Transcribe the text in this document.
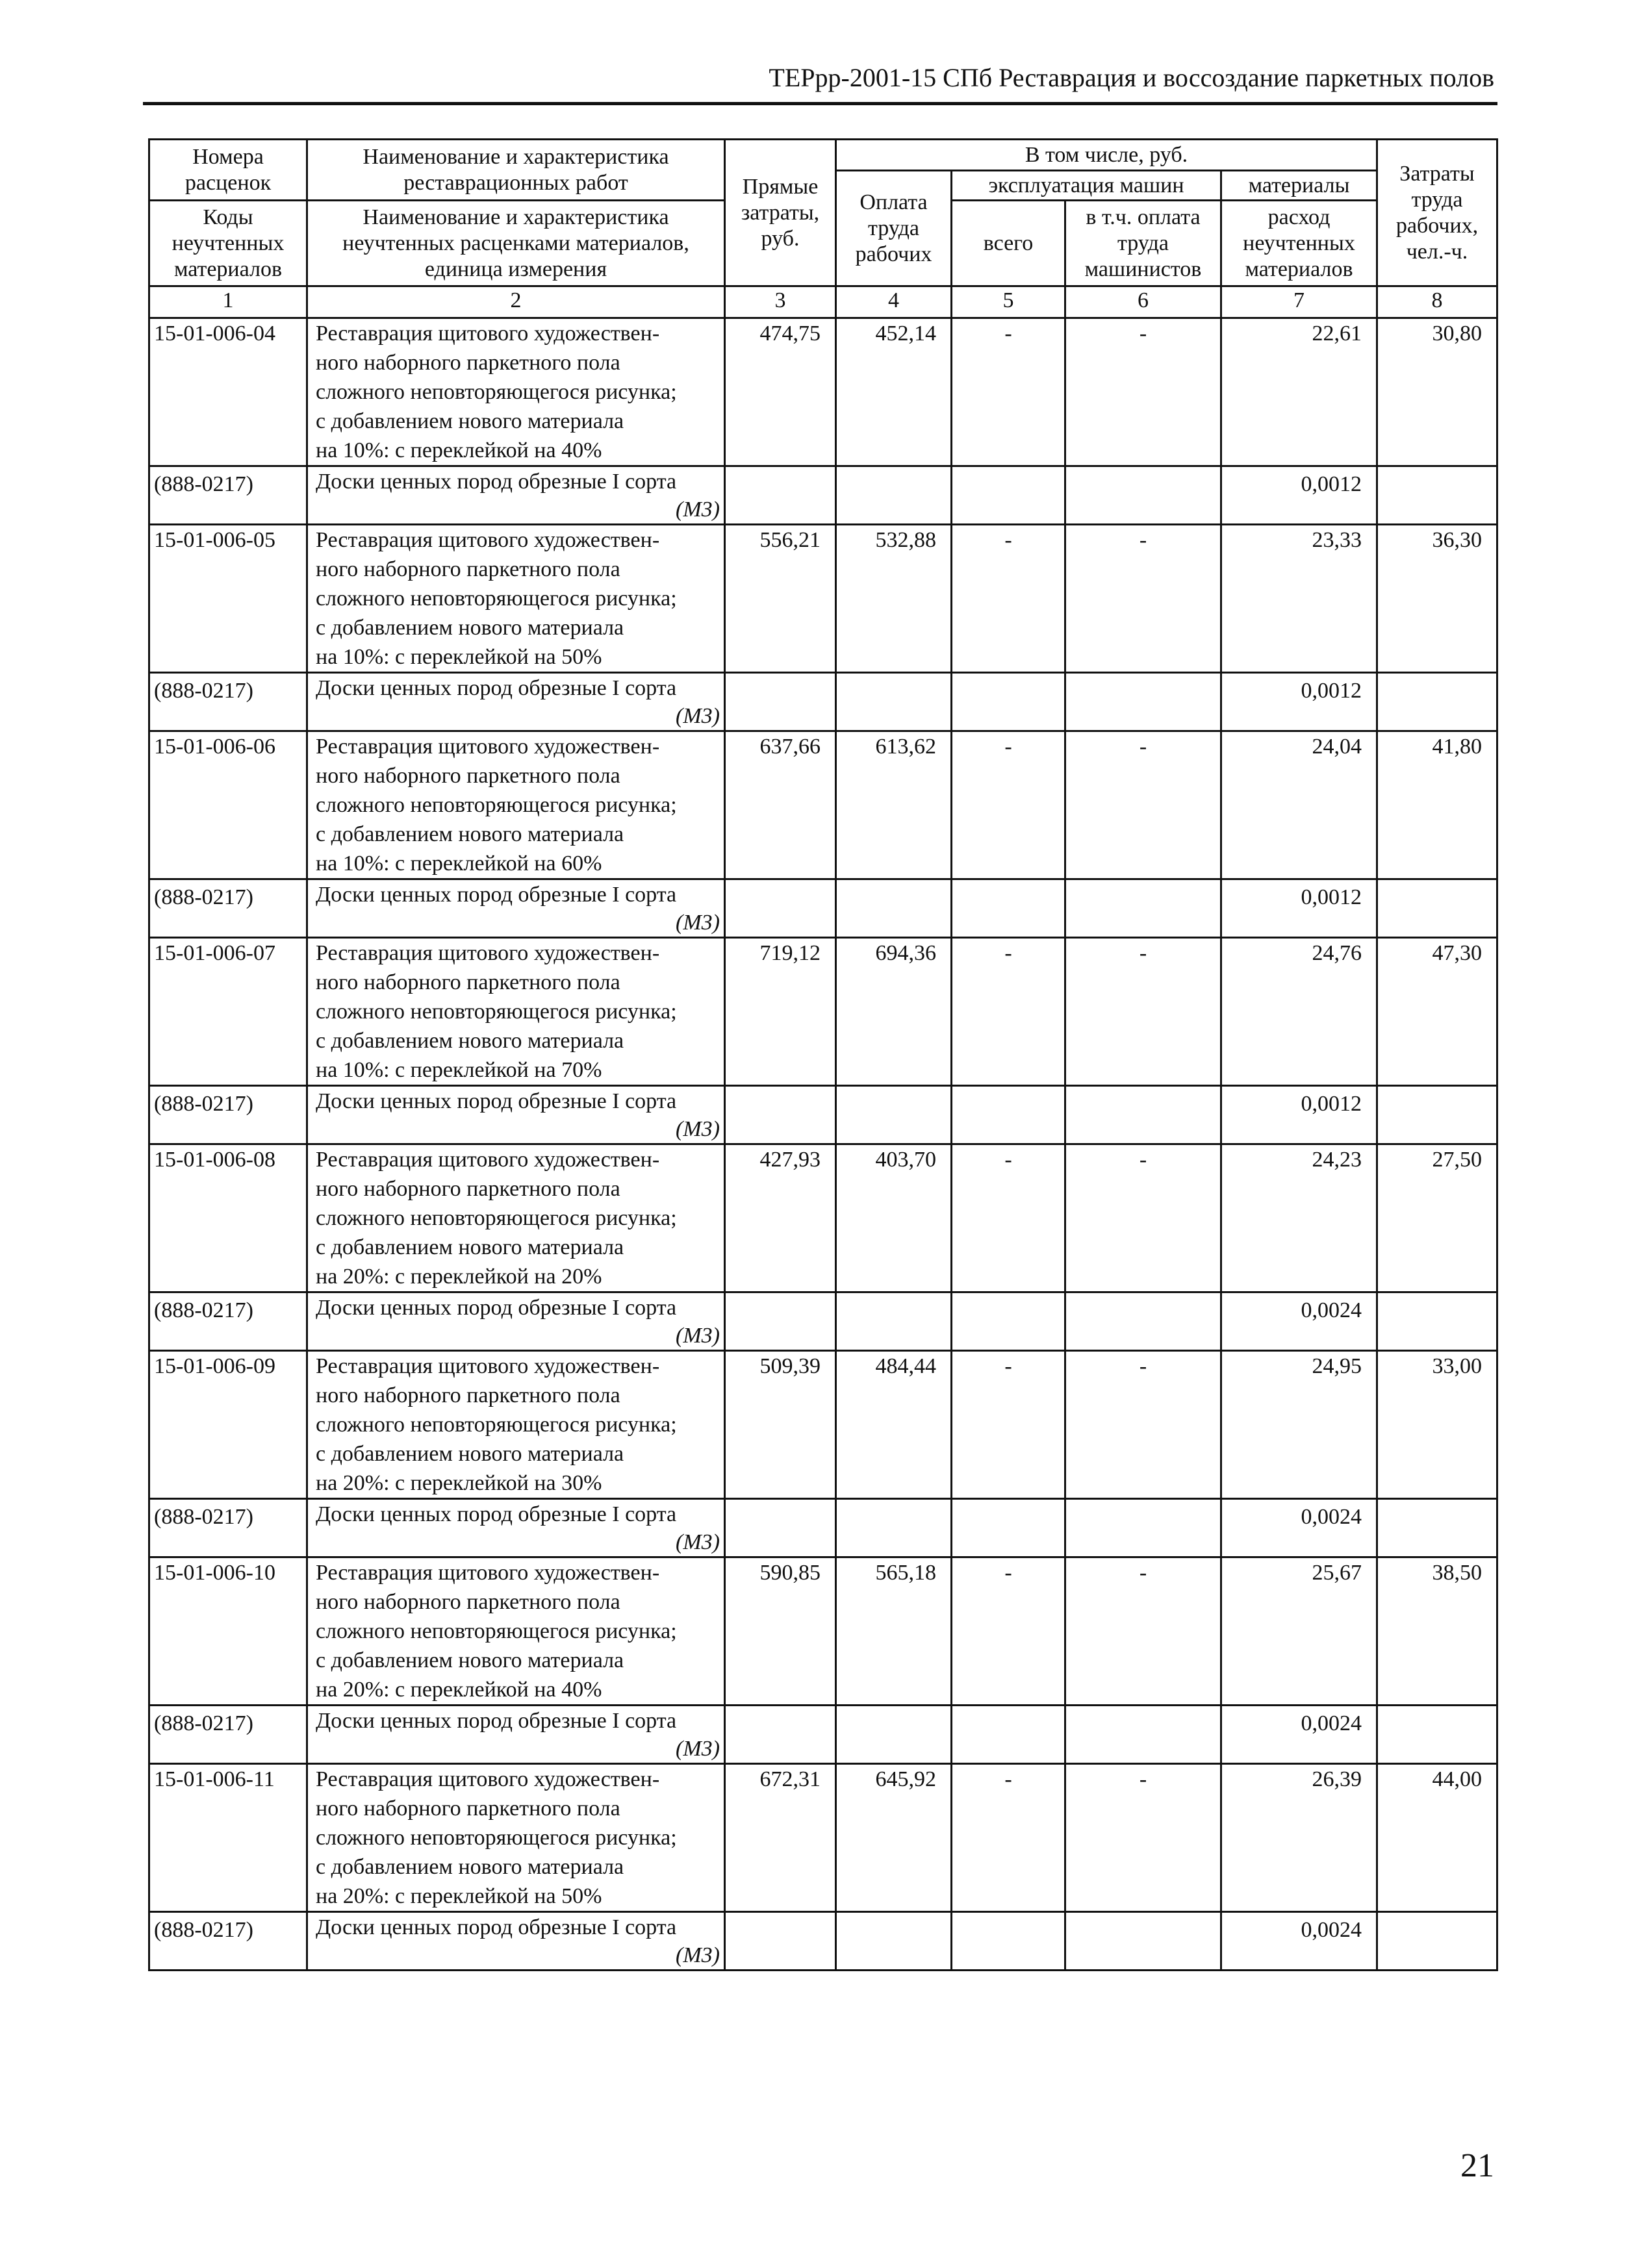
ТЕРрр-2001-15 СПб Реставрация и воссоздание паркетных полов
Номера расценок	Наименование и характеристика реставрационных работ	Прямые затраты, руб.	В том числе, руб.				Затраты труда рабочих, чел.-ч.
			Оплата труда рабочих	эксплуатация машин		материалы	
Коды неучтенных материалов	Наименование и характеристика неучтенных расценками материалов, единица измерения			всего	в т.ч. оплата труда машинистов	расход неучтенных материалов	

1	2	3	4	5	6	7	8
15-01-006-04	Реставрация щитового художествен-
ного наборного паркетного пола
сложного неповторяющегося рисунка;
с добавлением нового материала
на 10%: с переклейкой на 40%	474,75	452,14	-	-	22,61	30,80
(888-0217)	Доски ценных пород обрезные I сорта
(М3)					0,0012	
15-01-006-05	Реставрация щитового художествен-
ного наборного паркетного пола
сложного неповторяющегося рисунка;
с добавлением нового материала
на 10%: с переклейкой на 50%	556,21	532,88	-	-	23,33	36,30
(888-0217)	Доски ценных пород обрезные I сорта
(М3)					0,0012	
15-01-006-06	Реставрация щитового художествен-
ного наборного паркетного пола
сложного неповторяющегося рисунка;
с добавлением нового материала
на 10%: с переклейкой на 60%	637,66	613,62	-	-	24,04	41,80
(888-0217)	Доски ценных пород обрезные I сорта
(М3)					0,0012	
15-01-006-07	Реставрация щитового художествен-
ного наборного паркетного пола
сложного неповторяющегося рисунка;
с добавлением нового материала
на 10%: с переклейкой на 70%	719,12	694,36	-	-	24,76	47,30
(888-0217)	Доски ценных пород обрезные I сорта
(М3)					0,0012	
15-01-006-08	Реставрация щитового художествен-
ного наборного паркетного пола
сложного неповторяющегося рисунка;
с добавлением нового материала
на 20%: с переклейкой на 20%	427,93	403,70	-	-	24,23	27,50
(888-0217)	Доски ценных пород обрезные I сорта
(М3)					0,0024	
15-01-006-09	Реставрация щитового художествен-
ного наборного паркетного пола
сложного неповторяющегося рисунка;
с добавлением нового материала
на 20%: с переклейкой на 30%	509,39	484,44	-	-	24,95	33,00
(888-0217)	Доски ценных пород обрезные I сорта
(М3)					0,0024	
15-01-006-10	Реставрация щитового художествен-
ного наборного паркетного пола
сложного неповторяющегося рисунка;
с добавлением нового материала
на 20%: с переклейкой на 40%	590,85	565,18	-	-	25,67	38,50
(888-0217)	Доски ценных пород обрезные I сорта
(М3)					0,0024	
15-01-006-11	Реставрация щитового художествен-
ного наборного паркетного пола
сложного неповторяющегося рисунка;
с добавлением нового материала
на 20%: с переклейкой на 50%	672,31	645,92	-	-	26,39	44,00
(888-0217)	Доски ценных пород обрезные I сорта
(М3)					0,0024	
21
